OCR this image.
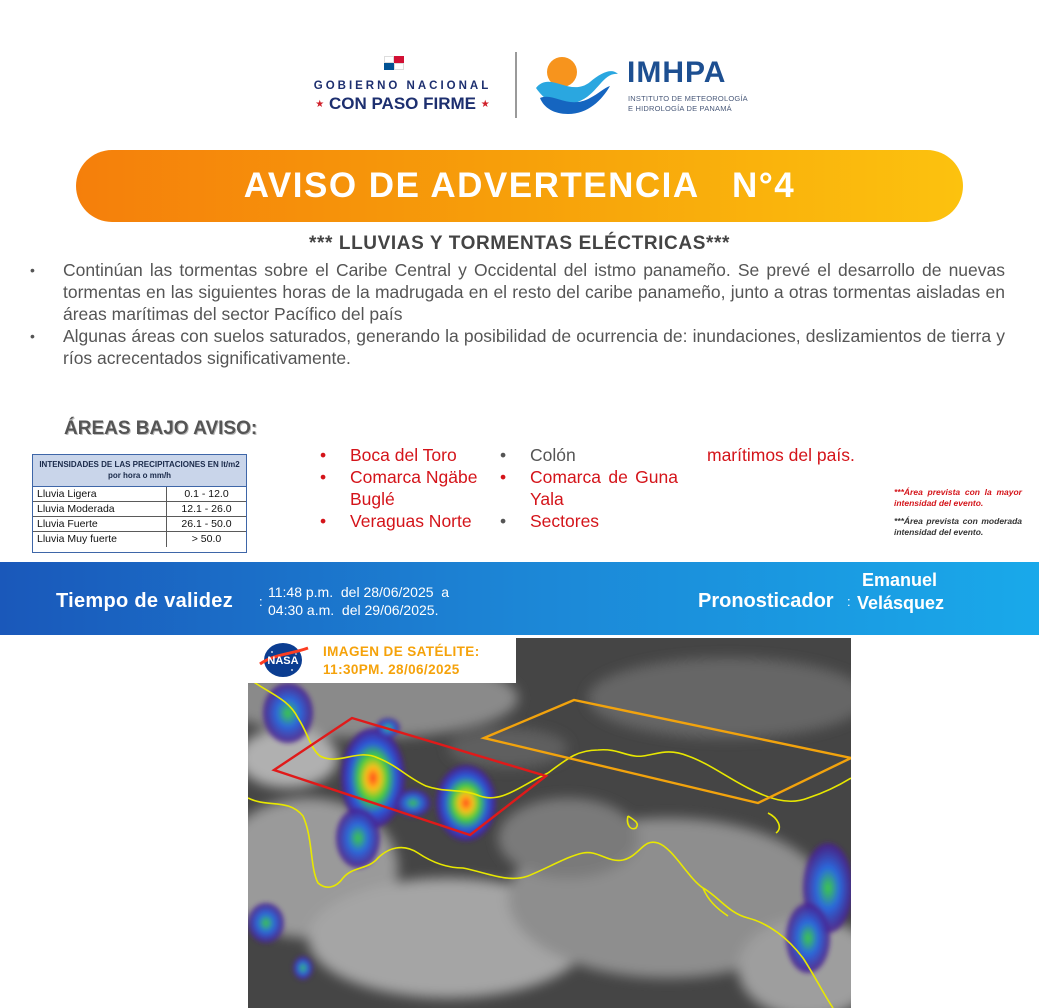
GOBIERNO NACIONAL
★ CON PASO FIRME ★
IMHPA
INSTITUTO DE METEOROLOGÍA
E HIDROLOGÍA DE PANAMÁ
AVISO DE ADVERTENCIA   N°4
*** LLUVIAS Y TORMENTAS ELÉCTRICAS***
•	Continúan las tormentas sobre el Caribe Central y Occidental del istmo panameño. Se prevé el desarrollo de nuevas tormentas en las siguientes horas de la madrugada en el resto del caribe panameño, junto a otras tormentas aisladas en áreas marítimas del sector Pacífico del país
•	Algunas áreas con suelos saturados, generando la posibilidad de ocurrencia de: inundaciones, deslizamientos de tierra y ríos acrecentados significativamente.
ÁREAS BAJO AVISO:
INTENSIDADES DE LAS PRECIPITACIONES EN lt/m2 por hora o mm/h
Lluvia Ligera	0.1 - 12.0
Lluvia Moderada	12.1 - 26.0
Lluvia Fuerte	26.1 - 50.0
Lluvia Muy fuerte	> 50.0
•	Boca del Toro
•	Comarca Ngäbe Buglé
•	Veraguas Norte
•	Colón
•	Comarca de Guna Yala
•	Sectores
marítimos del país.
***Área prevista con la mayor intensidad del evento.
***Área prevista con moderada intensidad del evento.
Tiempo de validez :
11:48 p.m.  del 28/06/2025  a
04:30 a.m.  del 29/06/2025.	Pronosticador :
Emanuel
Velásquez
NASA
IMAGEN DE SATÉLITE:
11:30PM. 28/06/2025
